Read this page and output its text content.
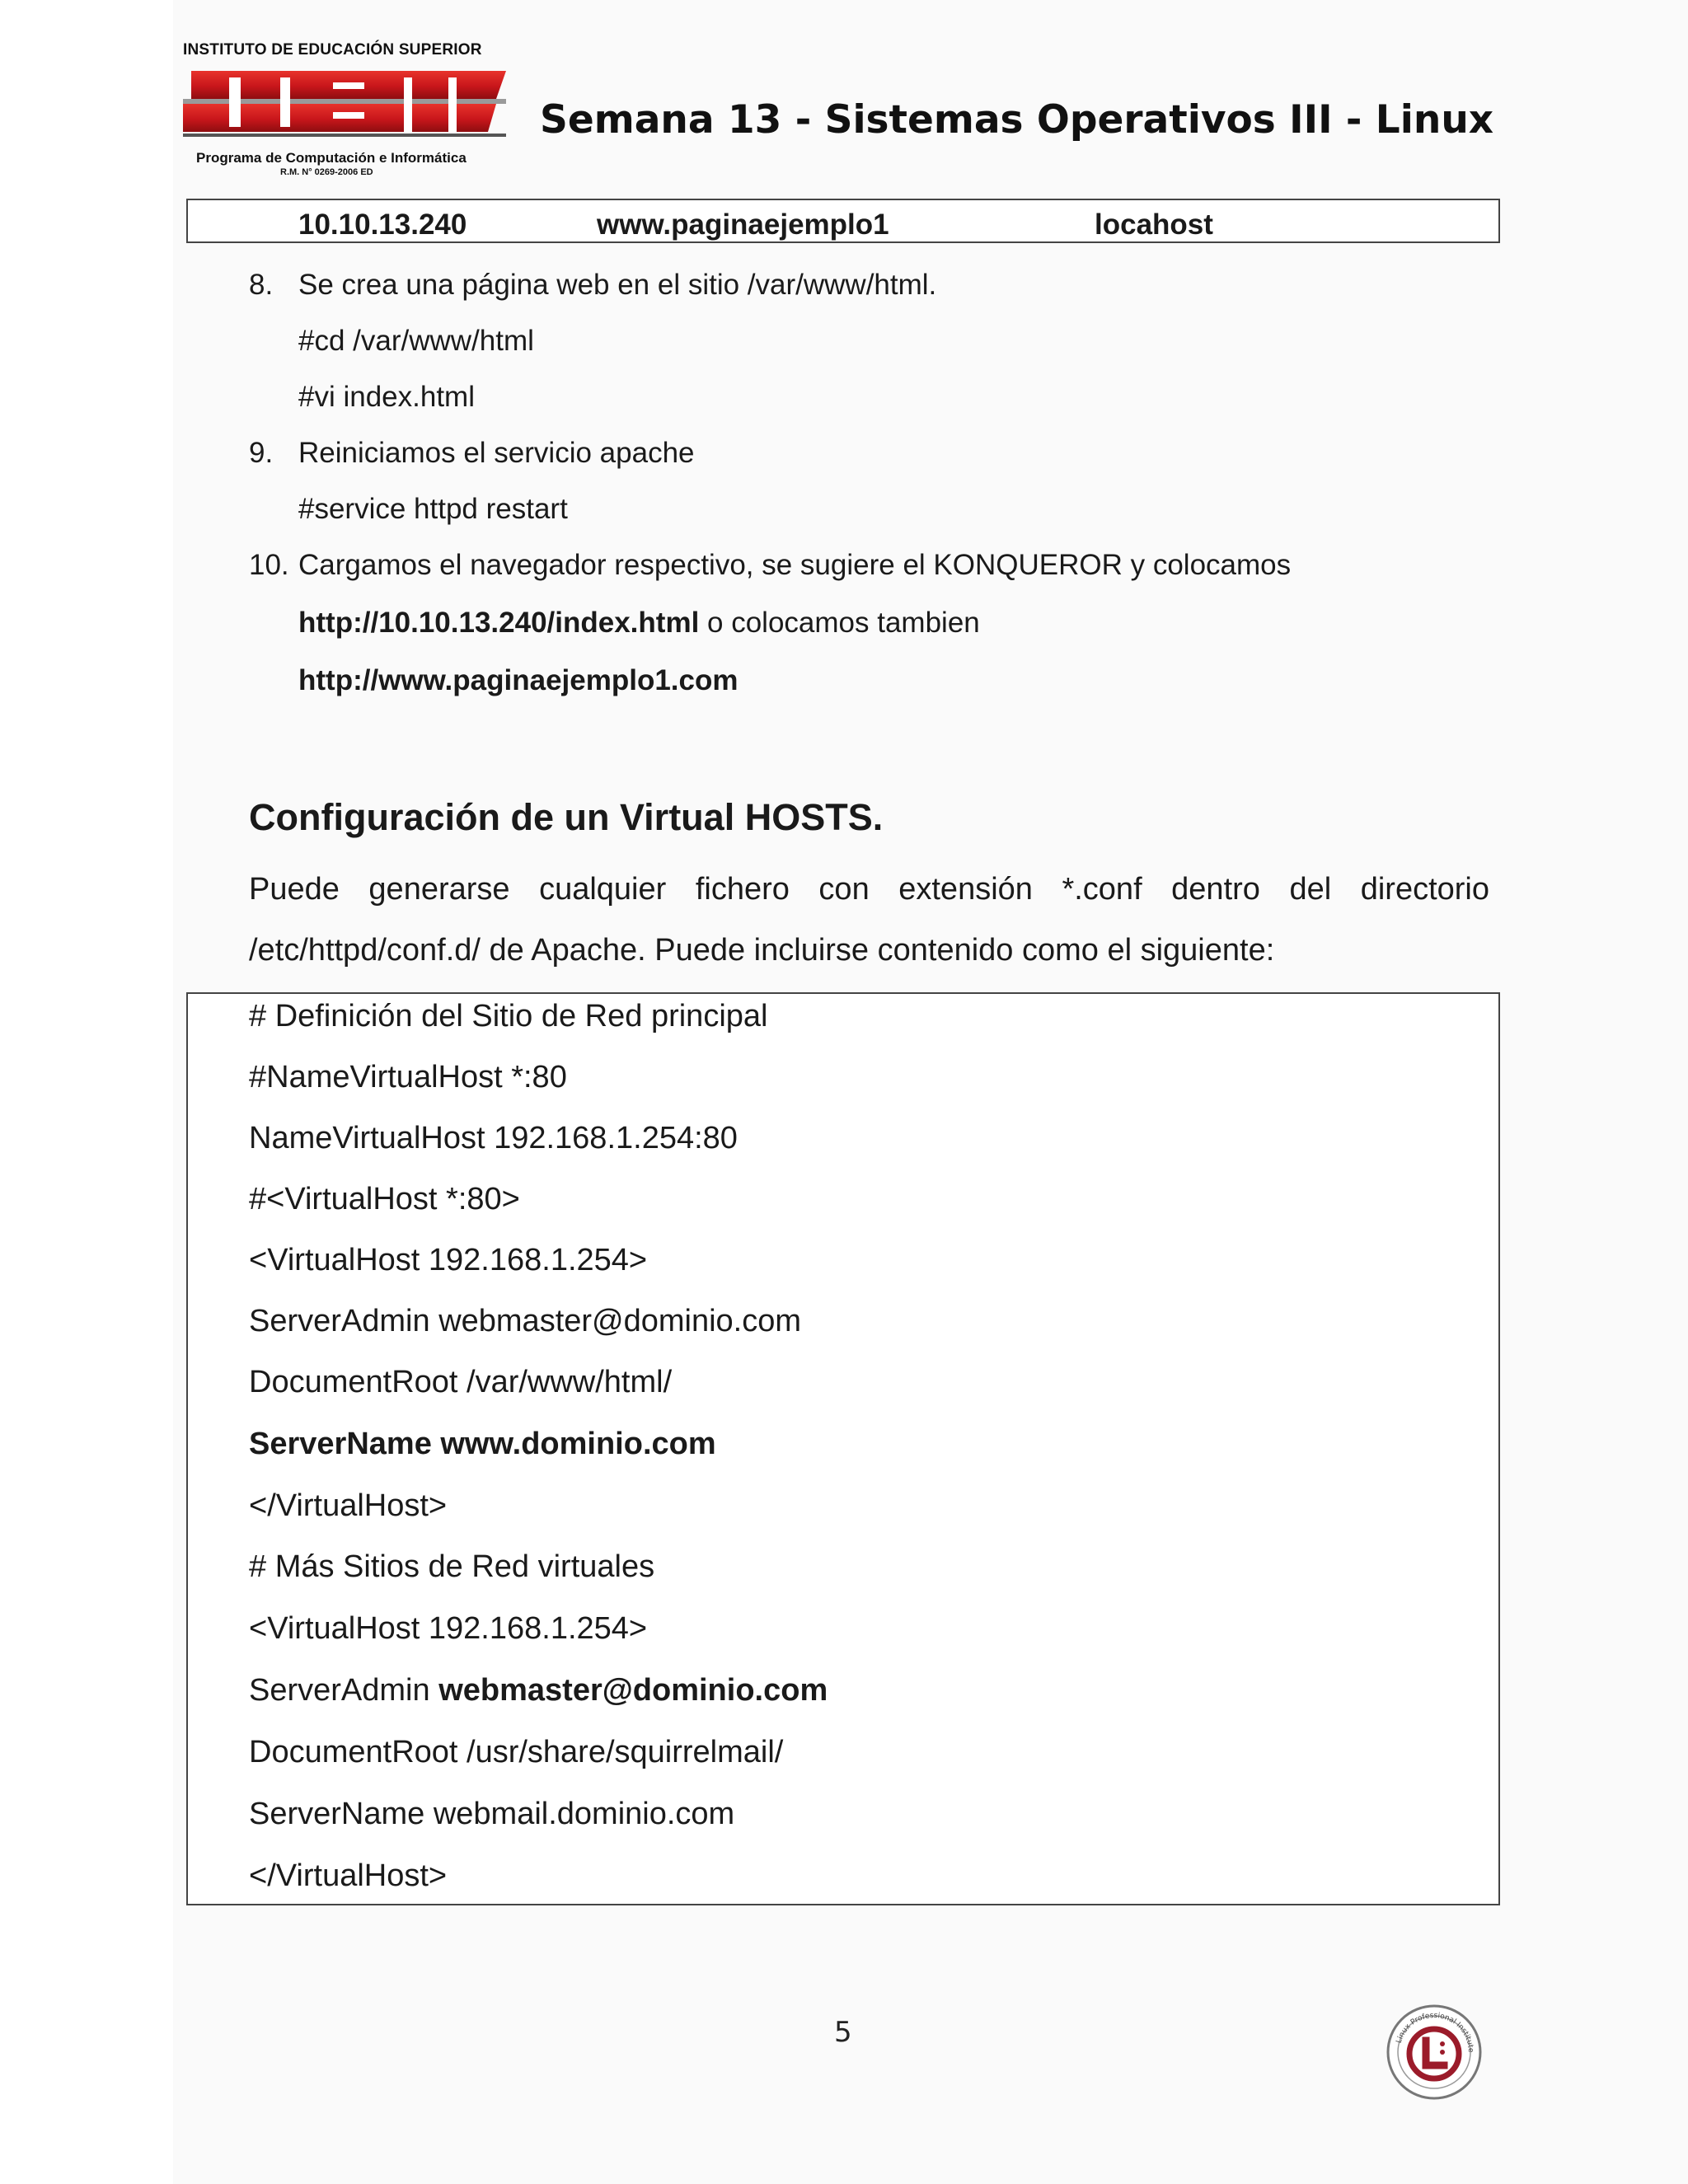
INSTITUTO DE EDUCACIÓN SUPERIOR
Programa de Computación e Informática
R.M. N° 0269-2006 ED
Semana 13 - Sistemas Operativos III - Linux
10.10.13.240	www.paginaejemplo1	locahost
8. Se crea una página web en el sitio /var/www/html.
#cd /var/www/html
#vi index.html
9. Reiniciamos el servicio apache
#service httpd restart
10. Cargamos el navegador respectivo, se sugiere el KONQUEROR y colocamos
http://10.10.13.240/index.html o colocamos tambien
http://www.paginaejemplo1.com
Configuración de un Virtual HOSTS.
Puede generarse cualquier fichero con extensión *.conf dentro del directorio
/etc/httpd/conf.d/ de Apache. Puede incluirse contenido como el siguiente:
# Definición del Sitio de Red principal
#NameVirtualHost *:80
NameVirtualHost 192.168.1.254:80
#<VirtualHost *:80>
<VirtualHost 192.168.1.254>
ServerAdmin webmaster@dominio.com
DocumentRoot /var/www/html/
ServerName www.dominio.com
</VirtualHost>
# Más Sitios de Red virtuales
<VirtualHost 192.168.1.254>
ServerAdmin webmaster@dominio.com
DocumentRoot /usr/share/squirrelmail/
ServerName webmail.dominio.com
</VirtualHost>
5	Linux Professional Institute
